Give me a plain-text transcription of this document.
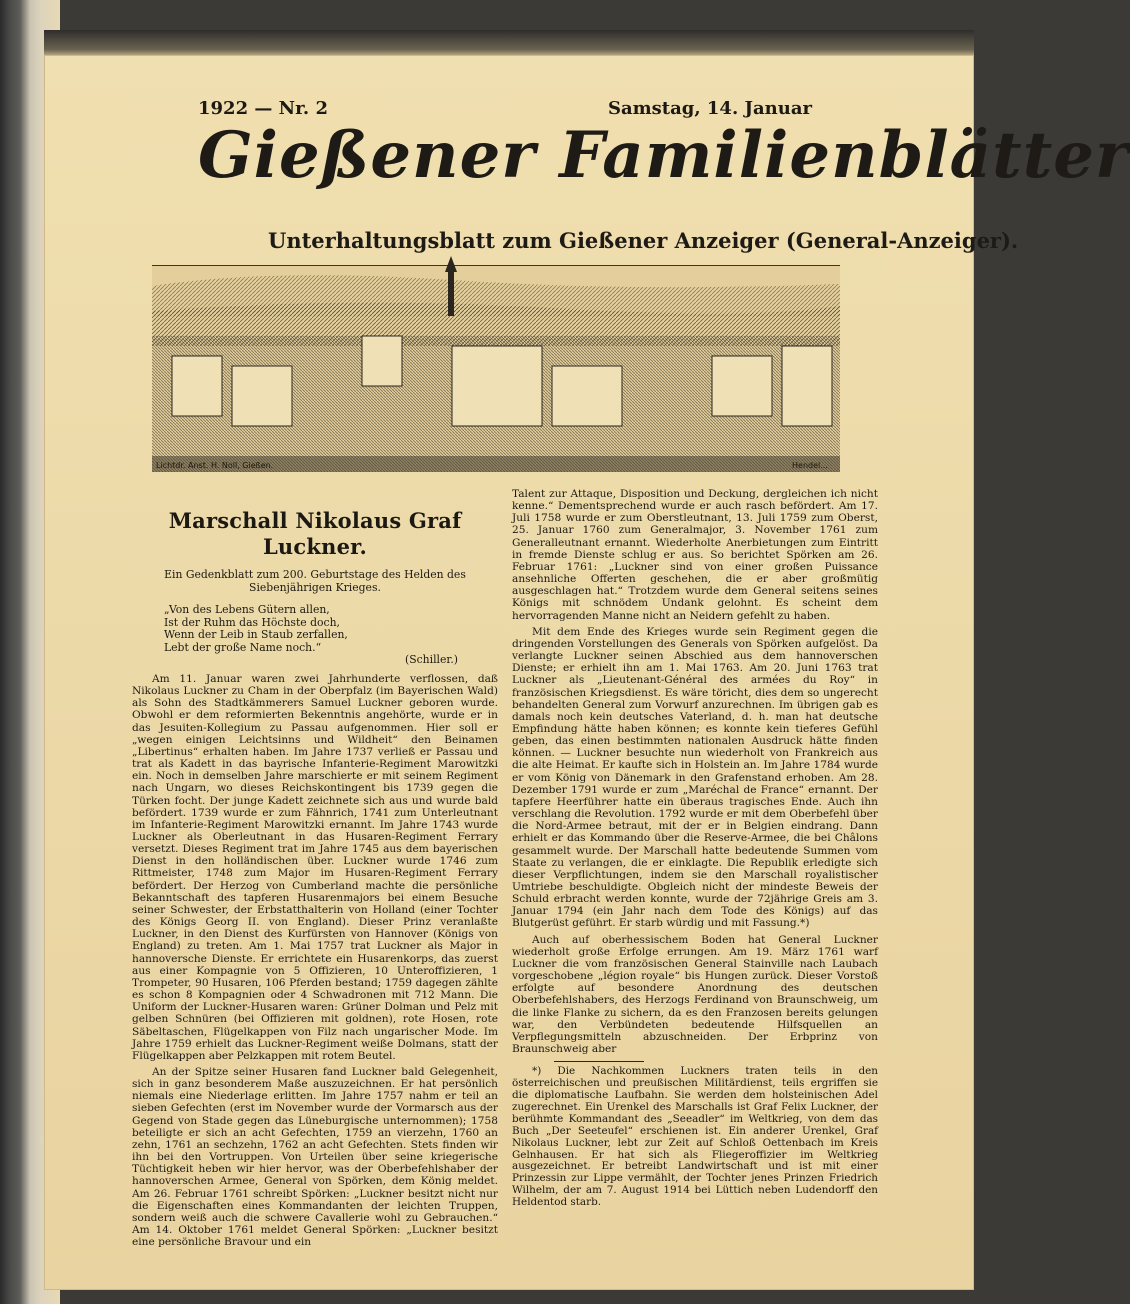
1922 — Nr. 2	Samstag, 14. Januar
Gießener Familienblätter
Unterhaltungsblatt zum Gießener Anzeiger (General-Anzeiger).
Lichtdr. Anst. H. Noll, Gießen.	Hendel...
Marschall Nikolaus Graf Luckner.
Ein Gedenkblatt zum 200. Geburtstage des Helden des Siebenjährigen Krieges.
„Von des Lebens Gütern allen,
Ist der Ruhm das Höchste doch,
Wenn der Leib in Staub zerfallen,
Lebt der große Name noch.“
(Schiller.)

Am 11. Januar waren zwei Jahrhunderte verflossen, daß Nikolaus Luckner zu Cham in der Oberpfalz (im Bayerischen Wald) als Sohn des Stadtkämmerers Samuel Luckner geboren wurde. Obwohl er dem reformierten Bekenntnis angehörte, wurde er in das Jesuiten-Kollegium zu Passau aufgenommen. Hier soll er „wegen einigen Leichtsinns und Wildheit“ den Beinamen „Libertinus“ erhalten haben. Im Jahre 1737 verließ er Passau und trat als Kadett in das bayrische Infanterie-Regiment Marowitzki ein. Noch in demselben Jahre marschierte er mit seinem Regiment nach Ungarn, wo dieses Reichskontingent bis 1739 gegen die Türken focht. Der junge Kadett zeichnete sich aus und wurde bald befördert. 1739 wurde er zum Fähnrich, 1741 zum Unterleutnant im Infanterie-Regiment Marowitzki ernannt. Im Jahre 1743 wurde Luckner als Oberleutnant in das Husaren-Regiment Ferrary versetzt. Dieses Regiment trat im Jahre 1745 aus dem bayerischen Dienst in den holländischen über. Luckner wurde 1746 zum Rittmeister, 1748 zum Major im Husaren-Regiment Ferrary befördert. Der Herzog von Cumberland machte die persönliche Bekanntschaft des tapferen Husarenmajors bei einem Besuche seiner Schwester, der Erbstatthalterin von Holland (einer Tochter des Königs Georg II. von England). Dieser Prinz veranlaßte Luckner, in den Dienst des Kurfürsten von Hannover (Königs von England) zu treten. Am 1. Mai 1757 trat Luckner als Major in hannoversche Dienste. Er errichtete ein Husarenkorps, das zuerst aus einer Kompagnie von 5 Offizieren, 10 Unteroffizieren, 1 Trompeter, 90 Husaren, 106 Pferden bestand; 1759 dagegen zählte es schon 8 Kompagnien oder 4 Schwadronen mit 712 Mann. Die Uniform der Luckner-Husaren waren: Grüner Dolman und Pelz mit gelben Schnüren (bei Offizieren mit goldnen), rote Hosen, rote Säbeltaschen, Flügelkappen von Filz nach ungarischer Mode. Im Jahre 1759 erhielt das Luckner-Regiment weiße Dolmans, statt der Flügelkappen aber Pelzkappen mit rotem Beutel.

An der Spitze seiner Husaren fand Luckner bald Gelegenheit, sich in ganz besonderem Maße auszuzeichnen. Er hat persönlich niemals eine Niederlage erlitten. Im Jahre 1757 nahm er teil an sieben Gefechten (erst im November wurde der Vormarsch aus der Gegend von Stade gegen das Lüneburgische unternommen); 1758 beteiligte er sich an acht Gefechten, 1759 an vierzehn, 1760 an zehn, 1761 an sechzehn, 1762 an acht Gefechten. Stets finden wir ihn bei den Vortruppen. Von Urteilen über seine kriegerische Tüchtigkeit heben wir hier hervor, was der Oberbefehlshaber der hannoverschen Armee, General von Spörken, dem König meldet. Am 26. Februar 1761 schreibt Spörken: „Luckner besitzt nicht nur die Eigenschaften eines Kommandanten der leichten Truppen, sondern weiß auch die schwere Cavallerie wohl zu Gebrauchen.“ Am 14. Oktober 1761 meldet General Spörken: „Luckner besitzt eine persönliche Bravour und ein

Talent zur Attaque, Disposition und Deckung, dergleichen ich nicht kenne.“ Dementsprechend wurde er auch rasch befördert. Am 17. Juli 1758 wurde er zum Oberstleutnant, 13. Juli 1759 zum Oberst, 25. Januar 1760 zum Generalmajor, 3. November 1761 zum Generalleutnant ernannt. Wiederholte Anerbietungen zum Eintritt in fremde Dienste schlug er aus. So berichtet Spörken am 26. Februar 1761: „Luckner sind von einer großen Puissance ansehnliche Offerten geschehen, die er aber großmütig ausgeschlagen hat.“ Trotzdem wurde dem General seitens seines Königs mit schnödem Undank gelohnt. Es scheint dem hervorragenden Manne nicht an Neidern gefehlt zu haben.

Mit dem Ende des Krieges wurde sein Regiment gegen die dringenden Vorstellungen des Generals von Spörken aufgelöst. Da verlangte Luckner seinen Abschied aus dem hannoverschen Dienste; er erhielt ihn am 1. Mai 1763. Am 20. Juni 1763 trat Luckner als „Lieutenant-Général des armées du Roy“ in französischen Kriegsdienst. Es wäre töricht, dies dem so ungerecht behandelten General zum Vorwurf anzurechnen. Im übrigen gab es damals noch kein deutsches Vaterland, d. h. man hat deutsche Empfindung hätte haben können; es konnte kein tieferes Gefühl geben, das einen bestimmten nationalen Ausdruck hätte finden können. — Luckner besuchte nun wiederholt von Frankreich aus die alte Heimat. Er kaufte sich in Holstein an. Im Jahre 1784 wurde er vom König von Dänemark in den Grafenstand erhoben. Am 28. Dezember 1791 wurde er zum „Maréchal de France“ ernannt. Der tapfere Heerführer hatte ein überaus tragisches Ende. Auch ihn verschlang die Revolution. 1792 wurde er mit dem Oberbefehl über die Nord-Armee betraut, mit der er in Belgien eindrang. Dann erhielt er das Kommando über die Reserve-Armee, die bei Châlons gesammelt wurde. Der Marschall hatte bedeutende Summen vom Staate zu verlangen, die er einklagte. Die Republik erledigte sich dieser Verpflichtungen, indem sie den Marschall royalistischer Umtriebe beschuldigte. Obgleich nicht der mindeste Beweis der Schuld erbracht werden konnte, wurde der 72jährige Greis am 3. Januar 1794 (ein Jahr nach dem Tode des Königs) auf das Blutgerüst geführt. Er starb würdig und mit Fassung.*)

Auch auf oberhessischem Boden hat General Luckner wiederholt große Erfolge errungen. Am 19. März 1761 warf Luckner die vom französischen General Stainville nach Laubach vorgeschobene „légion royale“ bis Hungen zurück. Dieser Vorstoß erfolgte auf besondere Anordnung des deutschen Oberbefehlshabers, des Herzogs Ferdinand von Braunschweig, um die linke Flanke zu sichern, da es den Franzosen bereits gelungen war, den Verbündeten bedeutende Hilfsquellen an Verpflegungsmitteln abzuschneiden. Der Erbprinz von Braunschweig aber

*) Die Nachkommen Luckners traten teils in den österreichischen und preußischen Militärdienst, teils ergriffen sie die diplomatische Laufbahn. Sie werden dem holsteinischen Adel zugerechnet. Ein Urenkel des Marschalls ist Graf Felix Luckner, der berühmte Kommandant des „Seeadler“ im Weltkrieg, von dem das Buch „Der Seeteufel“ erschienen ist. Ein anderer Urenkel, Graf Nikolaus Luckner, lebt zur Zeit auf Schloß Oettenbach im Kreis Gelnhausen. Er hat sich als Fliegeroffizier im Weltkrieg ausgezeichnet. Er betreibt Landwirtschaft und ist mit einer Prinzessin zur Lippe vermählt, der Tochter jenes Prinzen Friedrich Wilhelm, der am 7. August 1914 bei Lüttich neben Ludendorff den Heldentod starb.
